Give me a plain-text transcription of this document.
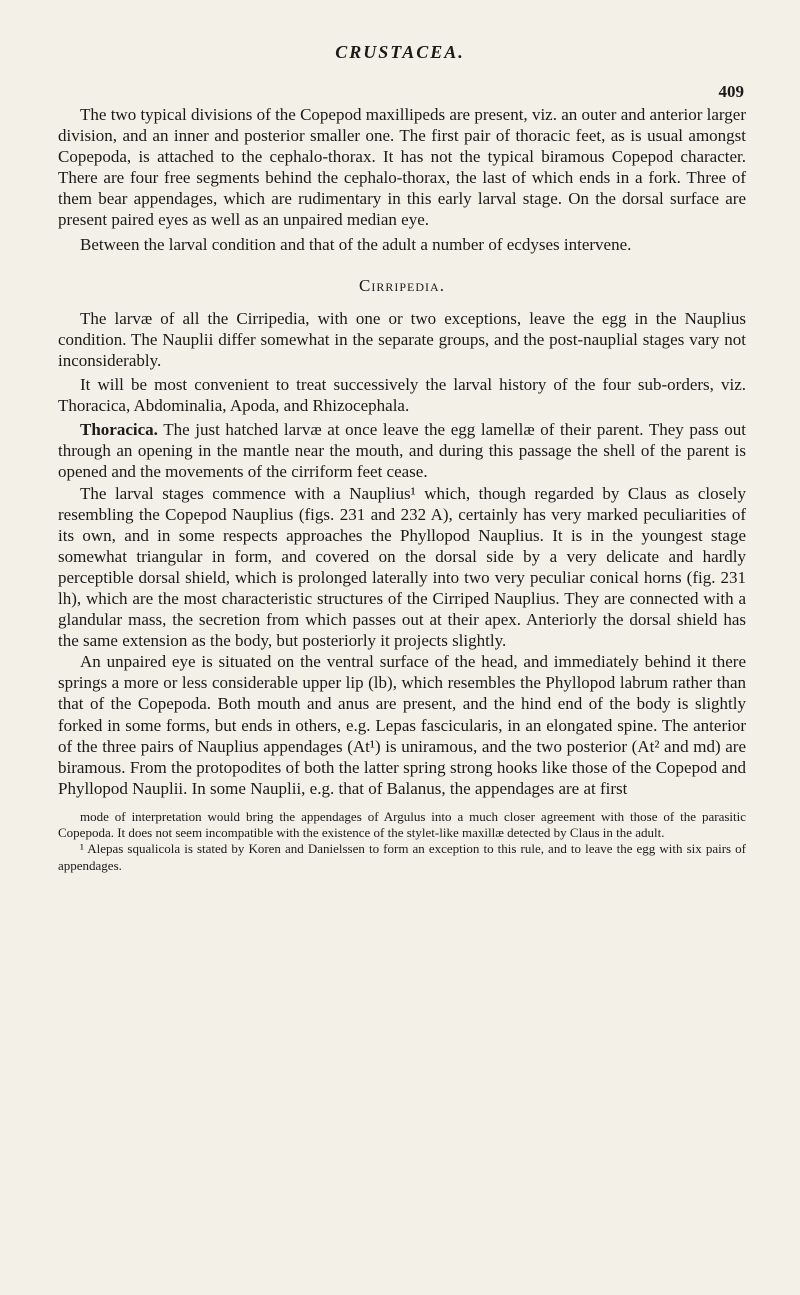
CRUSTACEA.
409

The two typical divisions of the Copepod maxillipeds are present, viz. an outer and anterior larger division, and an inner and posterior smaller one. The first pair of thoracic feet, as is usual amongst Copepoda, is attached to the cephalo-thorax. It has not the typical biramous Copepod character. There are four free segments behind the cephalo-thorax, the last of which ends in a fork. Three of them bear appendages, which are rudimentary in this early larval stage. On the dorsal surface are present paired eyes as well as an unpaired median eye.

Between the larval condition and that of the adult a number of ecdyses intervene.

Cirripedia.

The larvæ of all the Cirripedia, with one or two exceptions, leave the egg in the Nauplius condition. The Nauplii differ somewhat in the separate groups, and the post-nauplial stages vary not inconsiderably.

It will be most convenient to treat successively the larval history of the four sub-orders, viz. Thoracica, Abdominalia, Apoda, and Rhizocephala.

Thoracica. The just hatched larvæ at once leave the egg lamellæ of their parent. They pass out through an opening in the mantle near the mouth, and during this passage the shell of the parent is opened and the movements of the cirriform feet cease.

The larval stages commence with a Nauplius¹ which, though regarded by Claus as closely resembling the Copepod Nauplius (figs. 231 and 232 A), certainly has very marked peculiarities of its own, and in some respects approaches the Phyllopod Nauplius. It is in the youngest stage somewhat triangular in form, and covered on the dorsal side by a very delicate and hardly perceptible dorsal shield, which is prolonged laterally into two very peculiar conical horns (fig. 231 lh), which are the most characteristic structures of the Cirriped Nauplius. They are connected with a glandular mass, the secretion from which passes out at their apex. Anteriorly the dorsal shield has the same extension as the body, but posteriorly it projects slightly.

An unpaired eye is situated on the ventral surface of the head, and immediately behind it there springs a more or less considerable upper lip (lb), which resembles the Phyllopod labrum rather than that of the Copepoda. Both mouth and anus are present, and the hind end of the body is slightly forked in some forms, but ends in others, e.g. Lepas fascicularis, in an elongated spine. The anterior of the three pairs of Nauplius appendages (At¹) is uniramous, and the two posterior (At² and md) are biramous. From the protopodites of both the latter spring strong hooks like those of the Copepod and Phyllopod Nauplii. In some Nauplii, e.g. that of Balanus, the appendages are at first

mode of interpretation would bring the appendages of Argulus into a much closer agreement with those of the parasitic Copepoda. It does not seem incompatible with the existence of the stylet-like maxillæ detected by Claus in the adult.

¹ Alepas squalicola is stated by Koren and Danielssen to form an exception to this rule, and to leave the egg with six pairs of appendages.
